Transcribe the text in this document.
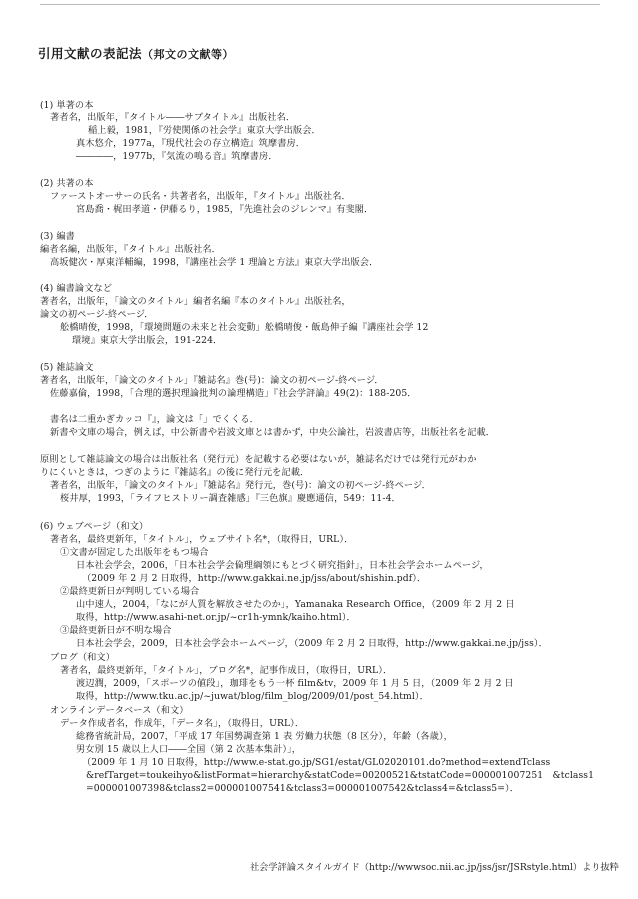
引用文献の表記法（邦文の文献等）
(1) 単著の本
著者名，出版年，『タイトル――サブタイトル』出版社名．
稲上毅，1981，『労使関係の社会学』東京大学出版会．
真木悠介，1977a，『現代社会の存立構造』筑摩書房．
――――，1977b，『気流の鳴る音』筑摩書房．
(2) 共著の本
ファーストオーサーの氏名・共著者名，出版年，『タイトル』出版社名．
宮島喬・梶田孝道・伊藤るり，1985，『先進社会のジレンマ』有斐閣．
(3) 編書
編者名編，出版年，『タイトル』出版社名．
高坂健次・厚東洋輔編，1998，『講座社会学 1 理論と方法』東京大学出版会．
(4) 編書論文など
著者名，出版年，「論文のタイトル」編者名編『本のタイトル』出版社名，
論文の初ページ-終ページ．
舩橋晴俊，1998，「環境問題の未来と社会変動」舩橋晴俊・飯島伸子編『講座社会学 12
環境』東京大学出版会，191-224．
(5) 雑誌論文
著者名，出版年，「論文のタイトル」『雑誌名』巻(号)：論文の初ページ-終ページ．
佐藤嘉倫，1998，「合理的選択理論批判の論理構造」『社会学評論』49(2)：188-205．
書名は二重かぎカッコ『』，論文は「」でくくる．
新書や文庫の場合，例えば，中公新書や岩波文庫とは書かず，中央公論社，岩波書店等，出版社名を記載．
原則として雑誌論文の場合は出版社名（発行元）を記載する必要はないが，雑誌名だけでは発行元がわか
りにくいときは，つぎのように『雑誌名』の後に発行元を記載．
著者名，出版年，「論文のタイトル」『雑誌名』発行元，巻(号)：論文の初ページ-終ページ．
桜井厚，1993，「ライフヒストリー調査雑感」『三色旗』慶應通信，549：11-4．
(6) ウェブページ（和文）
著者名，最終更新年，「タイトル」，ウェブサイト名*，（取得日，URL）．
①文書が固定した出版年をもつ場合
日本社会学会，2006，「日本社会学会倫理綱領にもとづく研究指針」，日本社会学会ホームページ，
（2009 年 2 月 2 日取得，http://www.gakkai.ne.jp/jss/about/shishin.pdf）．
②最終更新日が判明している場合
山中速人，2004，「なにが人質を解放させたのか」，Yamanaka Research Office，（2009 年 2 月 2 日
取得，http://www.asahi-net.or.jp/~cr1h-ymnk/kaiho.html）．
③最終更新日が不明な場合
日本社会学会，2009，日本社会学会ホームページ，（2009 年 2 月 2 日取得，http://www.gakkai.ne.jp/jss）．
ブログ（和文）
著者名，最終更新年，「タイトル」，ブログ名*，記事作成日，（取得日，URL）．
渡辺潤，2009，「スポーツの値段」，珈琲をもう一杯 film&tv，2009 年 1 月 5 日，（2009 年 2 月 2 日
取得，http://www.tku.ac.jp/~juwat/blog/film_blog/2009/01/post_54.html）．
オンラインデータベース（和文）
データ作成者名，作成年，「データ名」，（取得日，URL）．
総務省統計局，2007，「平成 17 年国勢調査第 1 表 労働力状態（8 区分），年齢（各歳），
男女別 15 歳以上人口――全国（第 2 次基本集計）」，
（2009 年 1 月 10 日取得，http://www.e-stat.go.jp/SG1/estat/GL02020101.do?method=extendTclass
&refTarget=toukeihyo&listFormat=hierarchy&statCode=00200521&tstatCode=000001007251　&tclass1
=000001007398&tclass2=000001007541&tclass3=000001007542&tclass4=&tclass5=）．
社会学評論スタイルガイド（http://wwwsoc.nii.ac.jp/jss/jsr/JSRstyle.html）より抜粋
